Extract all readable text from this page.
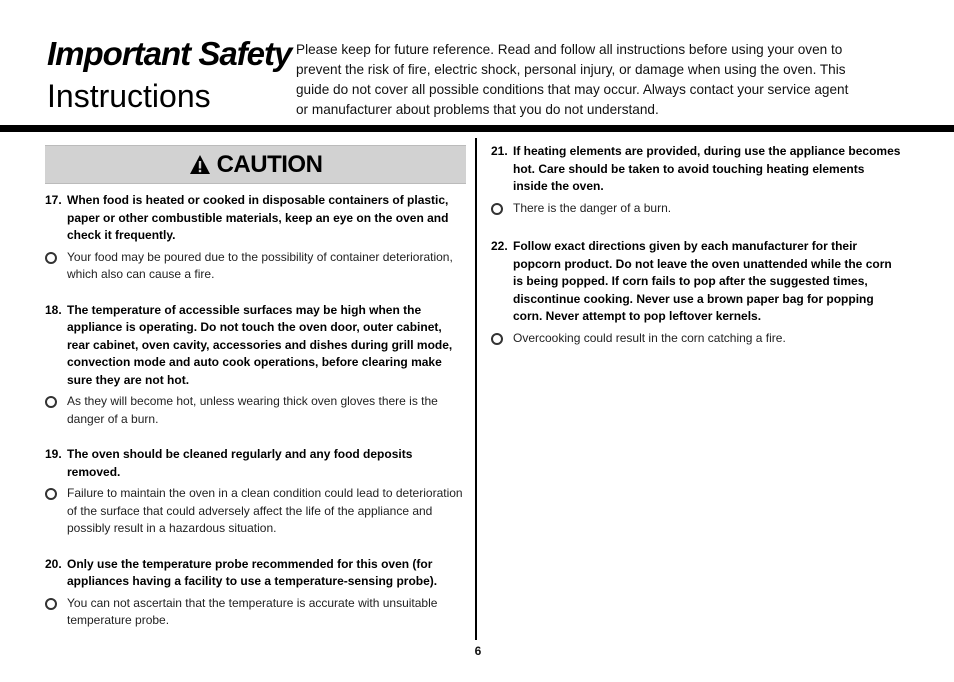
Important Safety
Instructions
Please keep for future reference. Read and follow all instructions before using your oven to prevent the risk of fire, electric shock, personal injury, or damage when using the oven. This guide do not cover all possible conditions that may occur. Always contact your service agent or manufacturer about problems that you do not understand.
CAUTION
17. When food is heated or cooked in disposable containers of plastic, paper or other combustible materials, keep an eye on the oven and check it frequently.
Your food may be poured due to the possibility of container deterioration, which also can cause a fire.
18. The temperature of accessible surfaces may be high when the appliance is operating. Do not touch the oven door, outer cabinet, rear cabinet, oven cavity, accessories and dishes during grill mode, convection mode and auto cook operations, before clearing make sure they are not hot.
As they will become hot, unless wearing thick oven gloves there is the danger of a burn.
19. The oven should be cleaned regularly and any food deposits removed.
Failure to maintain the oven in a clean condition could lead to deterioration of the surface that could adversely affect the life of the appliance and possibly result in a hazardous situation.
20. Only use the temperature probe recommended for this oven (for appliances having a facility to use a temperature-sensing probe).
You can not ascertain that the temperature is accurate with unsuitable temperature probe.
21. If heating elements are provided, during use the appliance becomes hot. Care should be taken to avoid touching heating elements inside the oven.
There is the danger of a burn.
22. Follow exact directions given by each manufacturer for their popcorn product. Do not leave the oven unattended while the corn is being popped. If corn fails to pop after the suggested times, discontinue cooking. Never use a brown paper bag for popping corn. Never attempt to pop leftover kernels.
Overcooking could result in the corn catching a fire.
6
